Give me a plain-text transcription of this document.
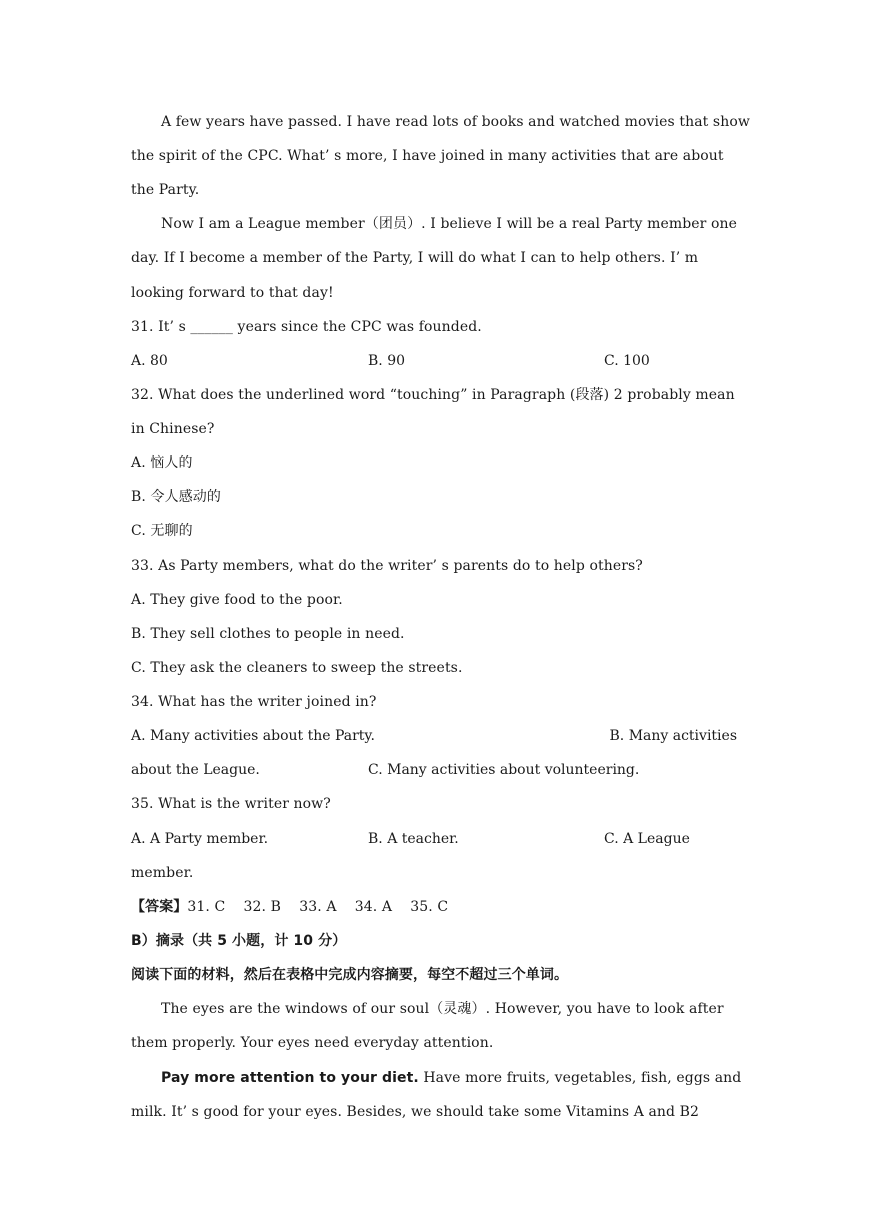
A few years have passed. I have read lots of books and watched movies that show
the spirit of the CPC. What’ s more, I have joined in many activities that are about
the Party.
Now I am a League member（团员）. I believe I will be a real Party member one
day. If I become a member of the Party, I will do what I can to help others. I’ m
looking forward to that day!
31. It’ s ______ years since the CPC was founded.
A. 80	B. 90	C. 100
32. What does the underlined word “touching” in Paragraph (段落) 2 probably mean
in Chinese?
A. 恼人的
B. 令人感动的
C. 无聊的
33. As Party members, what do the writer’ s parents do to help others?
A. They give food to the poor.
B. They sell clothes to people in need.
C. They ask the cleaners to sweep the streets.
34. What has the writer joined in?
A. Many activities about the Party.	B. Many activities
about the League.	C. Many activities about volunteering.
35. What is the writer now?
A. A Party member.	B. A teacher.	C. A League
member.
【答案】31. C    32. B    33. A    34. A    35. C
B）摘录（共 5 小题，计 10 分）
阅读下面的材料，然后在表格中完成内容摘要，每空不超过三个单词。
The eyes are the windows of our soul（灵魂）. However, you have to look after
them properly. Your eyes need everyday attention.
Pay more attention to your diet. Have more fruits, vegetables, fish, eggs and
milk. It’ s good for your eyes. Besides, we should take some Vitamins A and B2
